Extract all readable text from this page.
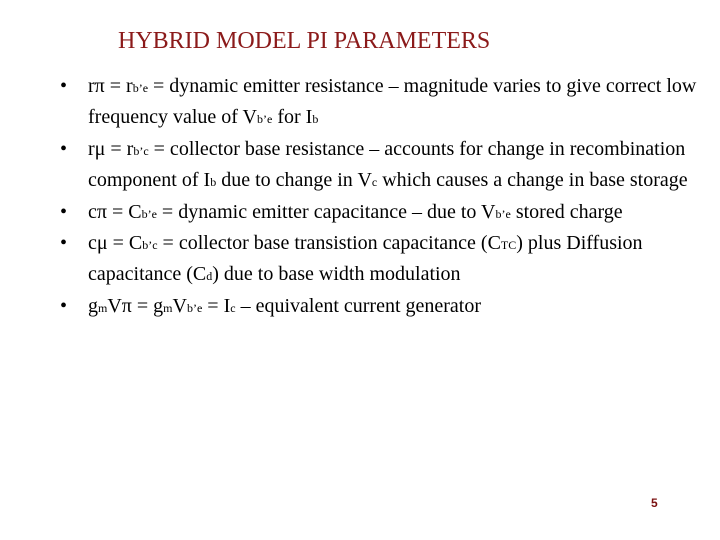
HYBRID MODEL PI PARAMETERS
•	rπ = rb’e = dynamic emitter resistance – magnitude varies to give correct low frequency value of Vb’e for Ib
•	rμ = rb’c = collector base resistance – accounts for change in recombination component of Ib due to change in Vc which causes a change in base storage
•	cπ = Cb’e = dynamic emitter capacitance – due to Vb’e stored charge
•	cμ = Cb’c = collector base transistion capacitance (CTC) plus Diffusion capacitance (Cd) due to base width modulation
•	gmVπ = gmVb’e = Ic – equivalent current generator
5
